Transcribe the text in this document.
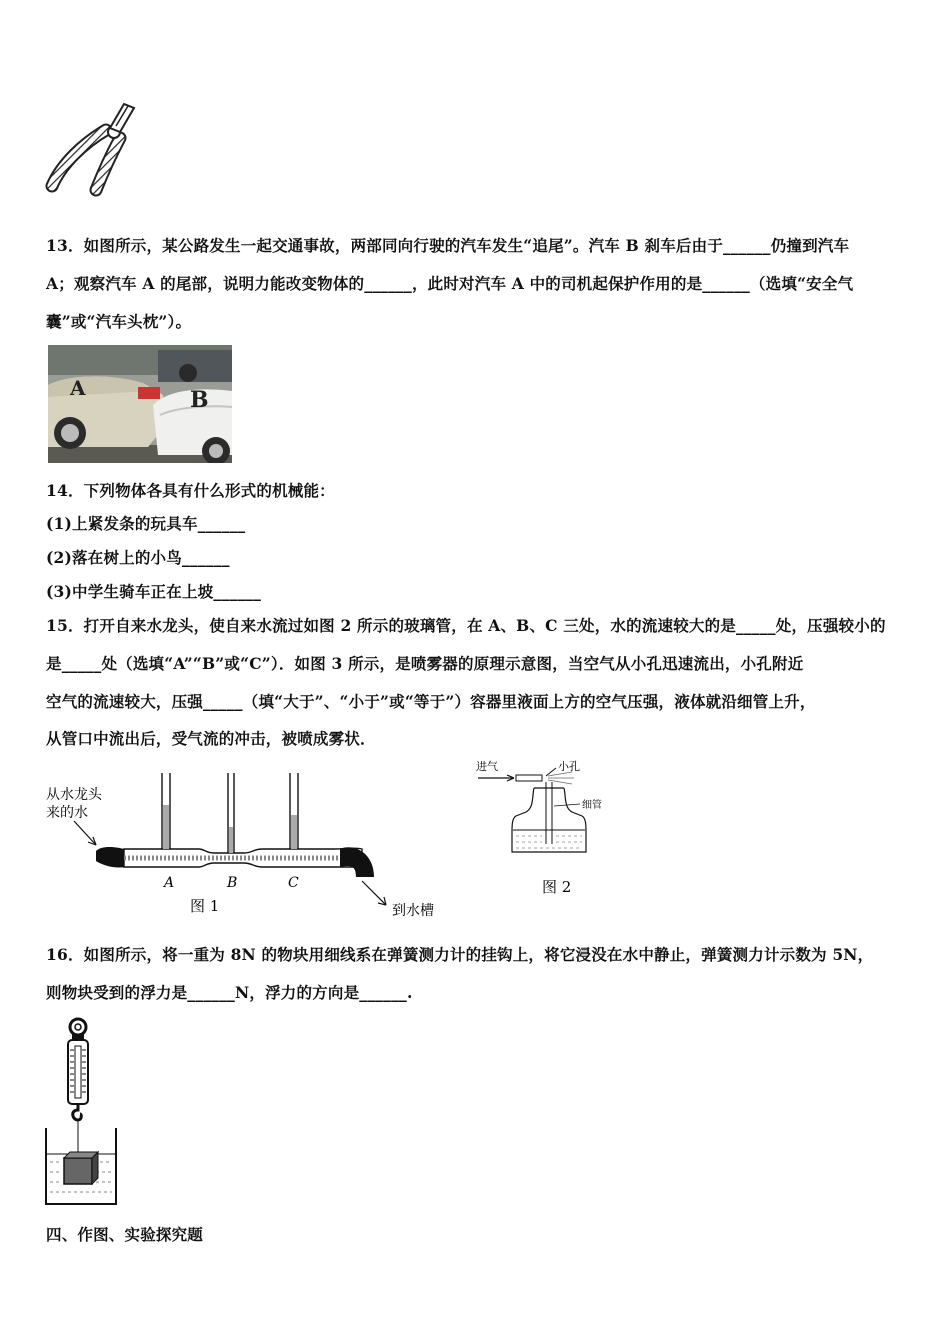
13．如图所示，某公路发生一起交通事故，两部同向行驶的汽车发生“追尾”。汽车 B 刹车后由于______仍撞到汽车
A；观察汽车 A 的尾部，说明力能改变物体的______，此时对汽车 A 中的司机起保护作用的是______（选填“安全气
囊”或“汽车头枕”）。
A	B
14．下列物体各具有什么形式的机械能：
(1)上紧发条的玩具车______
(2)落在树上的小鸟______
(3)中学生骑车正在上坡______
15．打开自来水龙头，使自来水流过如图 2 所示的玻璃管，在 A、B、C 三处，水的流速较大的是_____处，压强较小的
是_____处（选填“A”“B”或“C”）．如图 3 所示，是喷雾器的原理示意图，当空气从小孔迅速流出，小孔附近
空气的流速较大，压强_____（填“大于”、“小于”或“等于”）容器里液面上方的空气压强，液体就沿细管上升，
从管口中流出后，受气流的冲击，被喷成雾状．
从水龙头
来的水
A	B	C
图 1	到水槽
进气	小孔
细管
图 2
16．如图所示，将一重为 8N 的物块用细线系在弹簧测力计的挂钩上，将它浸没在水中静止，弹簧测力计示数为 5N，
则物块受到的浮力是______N，浮力的方向是______.
四、作图、实验探究题
